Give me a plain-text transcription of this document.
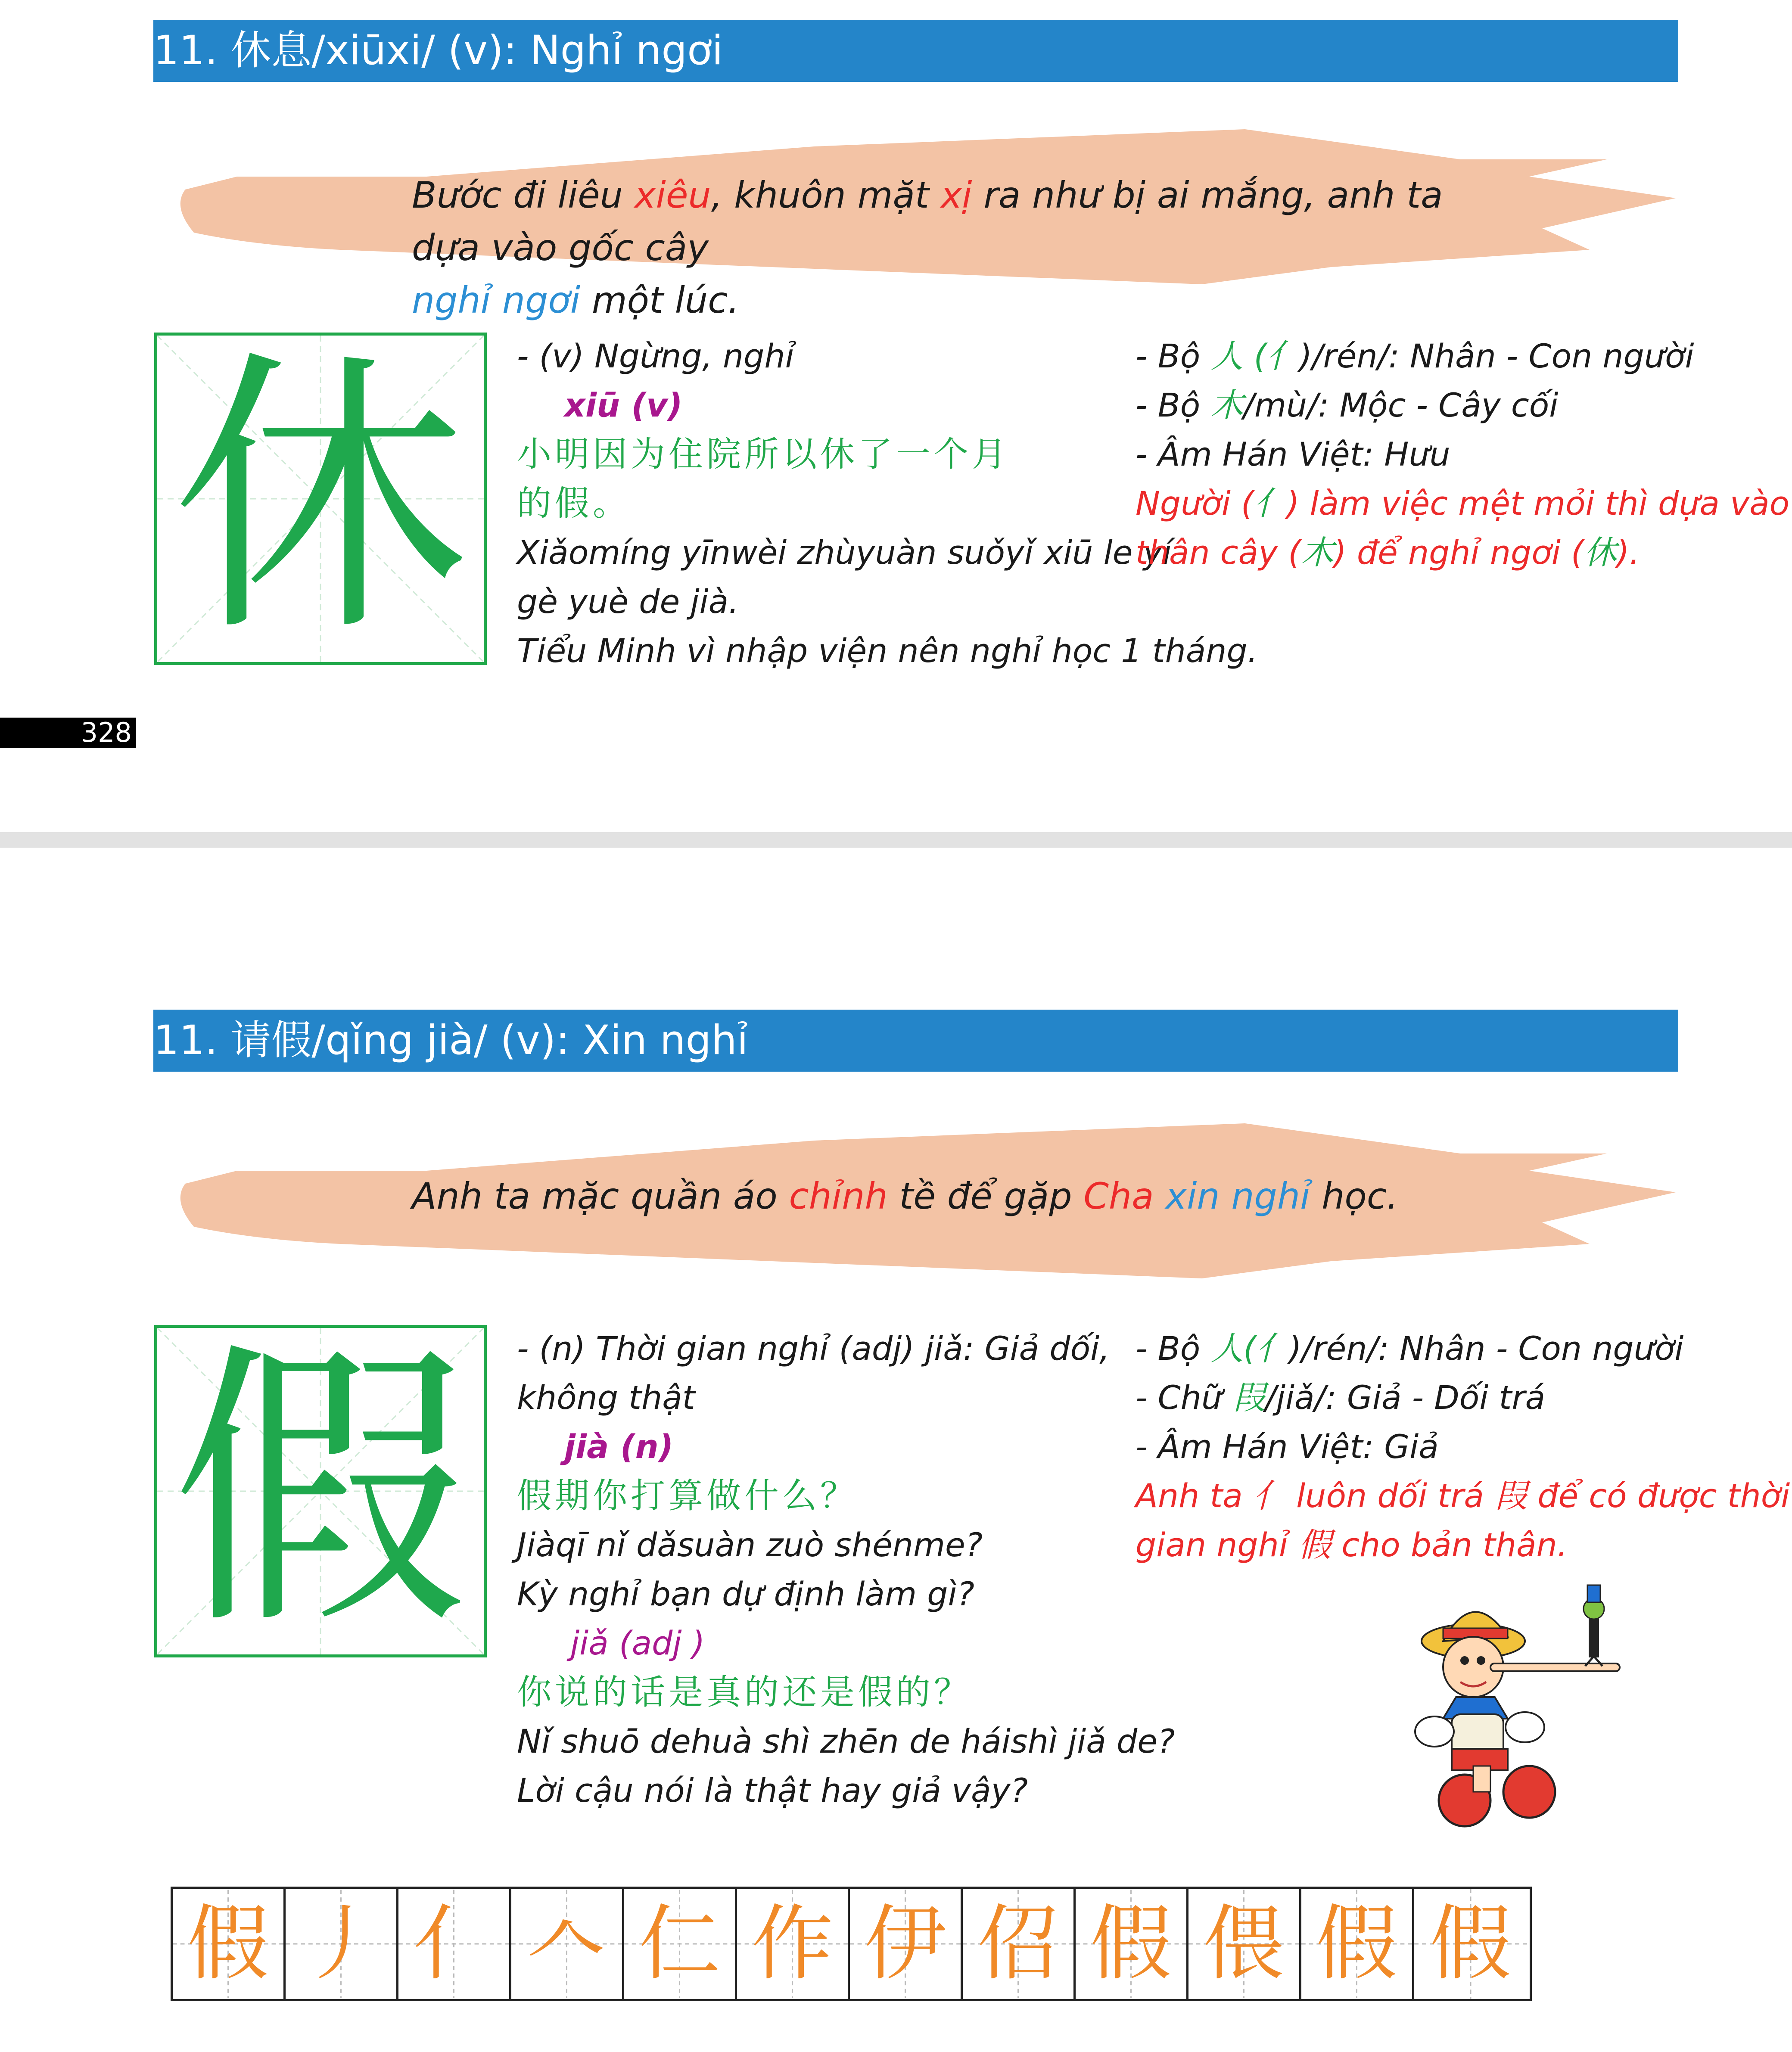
11. 休息/xiūxi/ (v): Nghỉ ngơi
Bước đi liêu xiêu, khuôn mặt xị ra như bị ai mắng, anh ta dựa vào gốc cây
nghỉ ngơi một lúc.
休	- (v) Ngừng, nghỉ
xiū (v)
小明因为住院所以休了一个月
的假。
Xiǎomíng yīnwèi zhùyuàn suǒyǐ xiū le yí
gè yuè de jià.
Tiểu Minh vì nhập viện nên nghỉ học 1 tháng.
- Bộ 人 (亻)/rén/: Nhân - Con người
- Bộ 木/mù/: Mộc - Cây cối
- Âm Hán Việt: Hưu
Người (亻) làm việc mệt mỏi thì dựa vào
thân cây (木) để nghỉ ngơi (休).
328
11. 请假/qǐng jià/ (v): Xin nghỉ
Anh ta mặc quần áo chỉnh tề để gặp Cha xin nghỉ học.
假	- (n) Thời gian nghỉ (adj) jiǎ: Giả dối,
không thật
jià (n)
假期你打算做什么？
Jiàqī nǐ dǎsuàn zuò shénme?
Kỳ nghỉ bạn dự định làm gì?
jiǎ (adj )
你说的话是真的还是假的？
Nǐ shuō dehuà shì zhēn de háishì jiǎ de?
Lời cậu nói là thật hay giả vậy?
- Bộ 人(亻)/rén/: Nhân - Con người
- Chữ 叚/jiǎ/: Giả - Dối trá
- Âm Hán Việt: Giả
Anh ta 亻 luôn dối trá 叚 để có được thời
gian nghỉ 假 cho bản thân.
假 丿 亻 𠆢 仁 作 伊 佋 假 偎 假 假
